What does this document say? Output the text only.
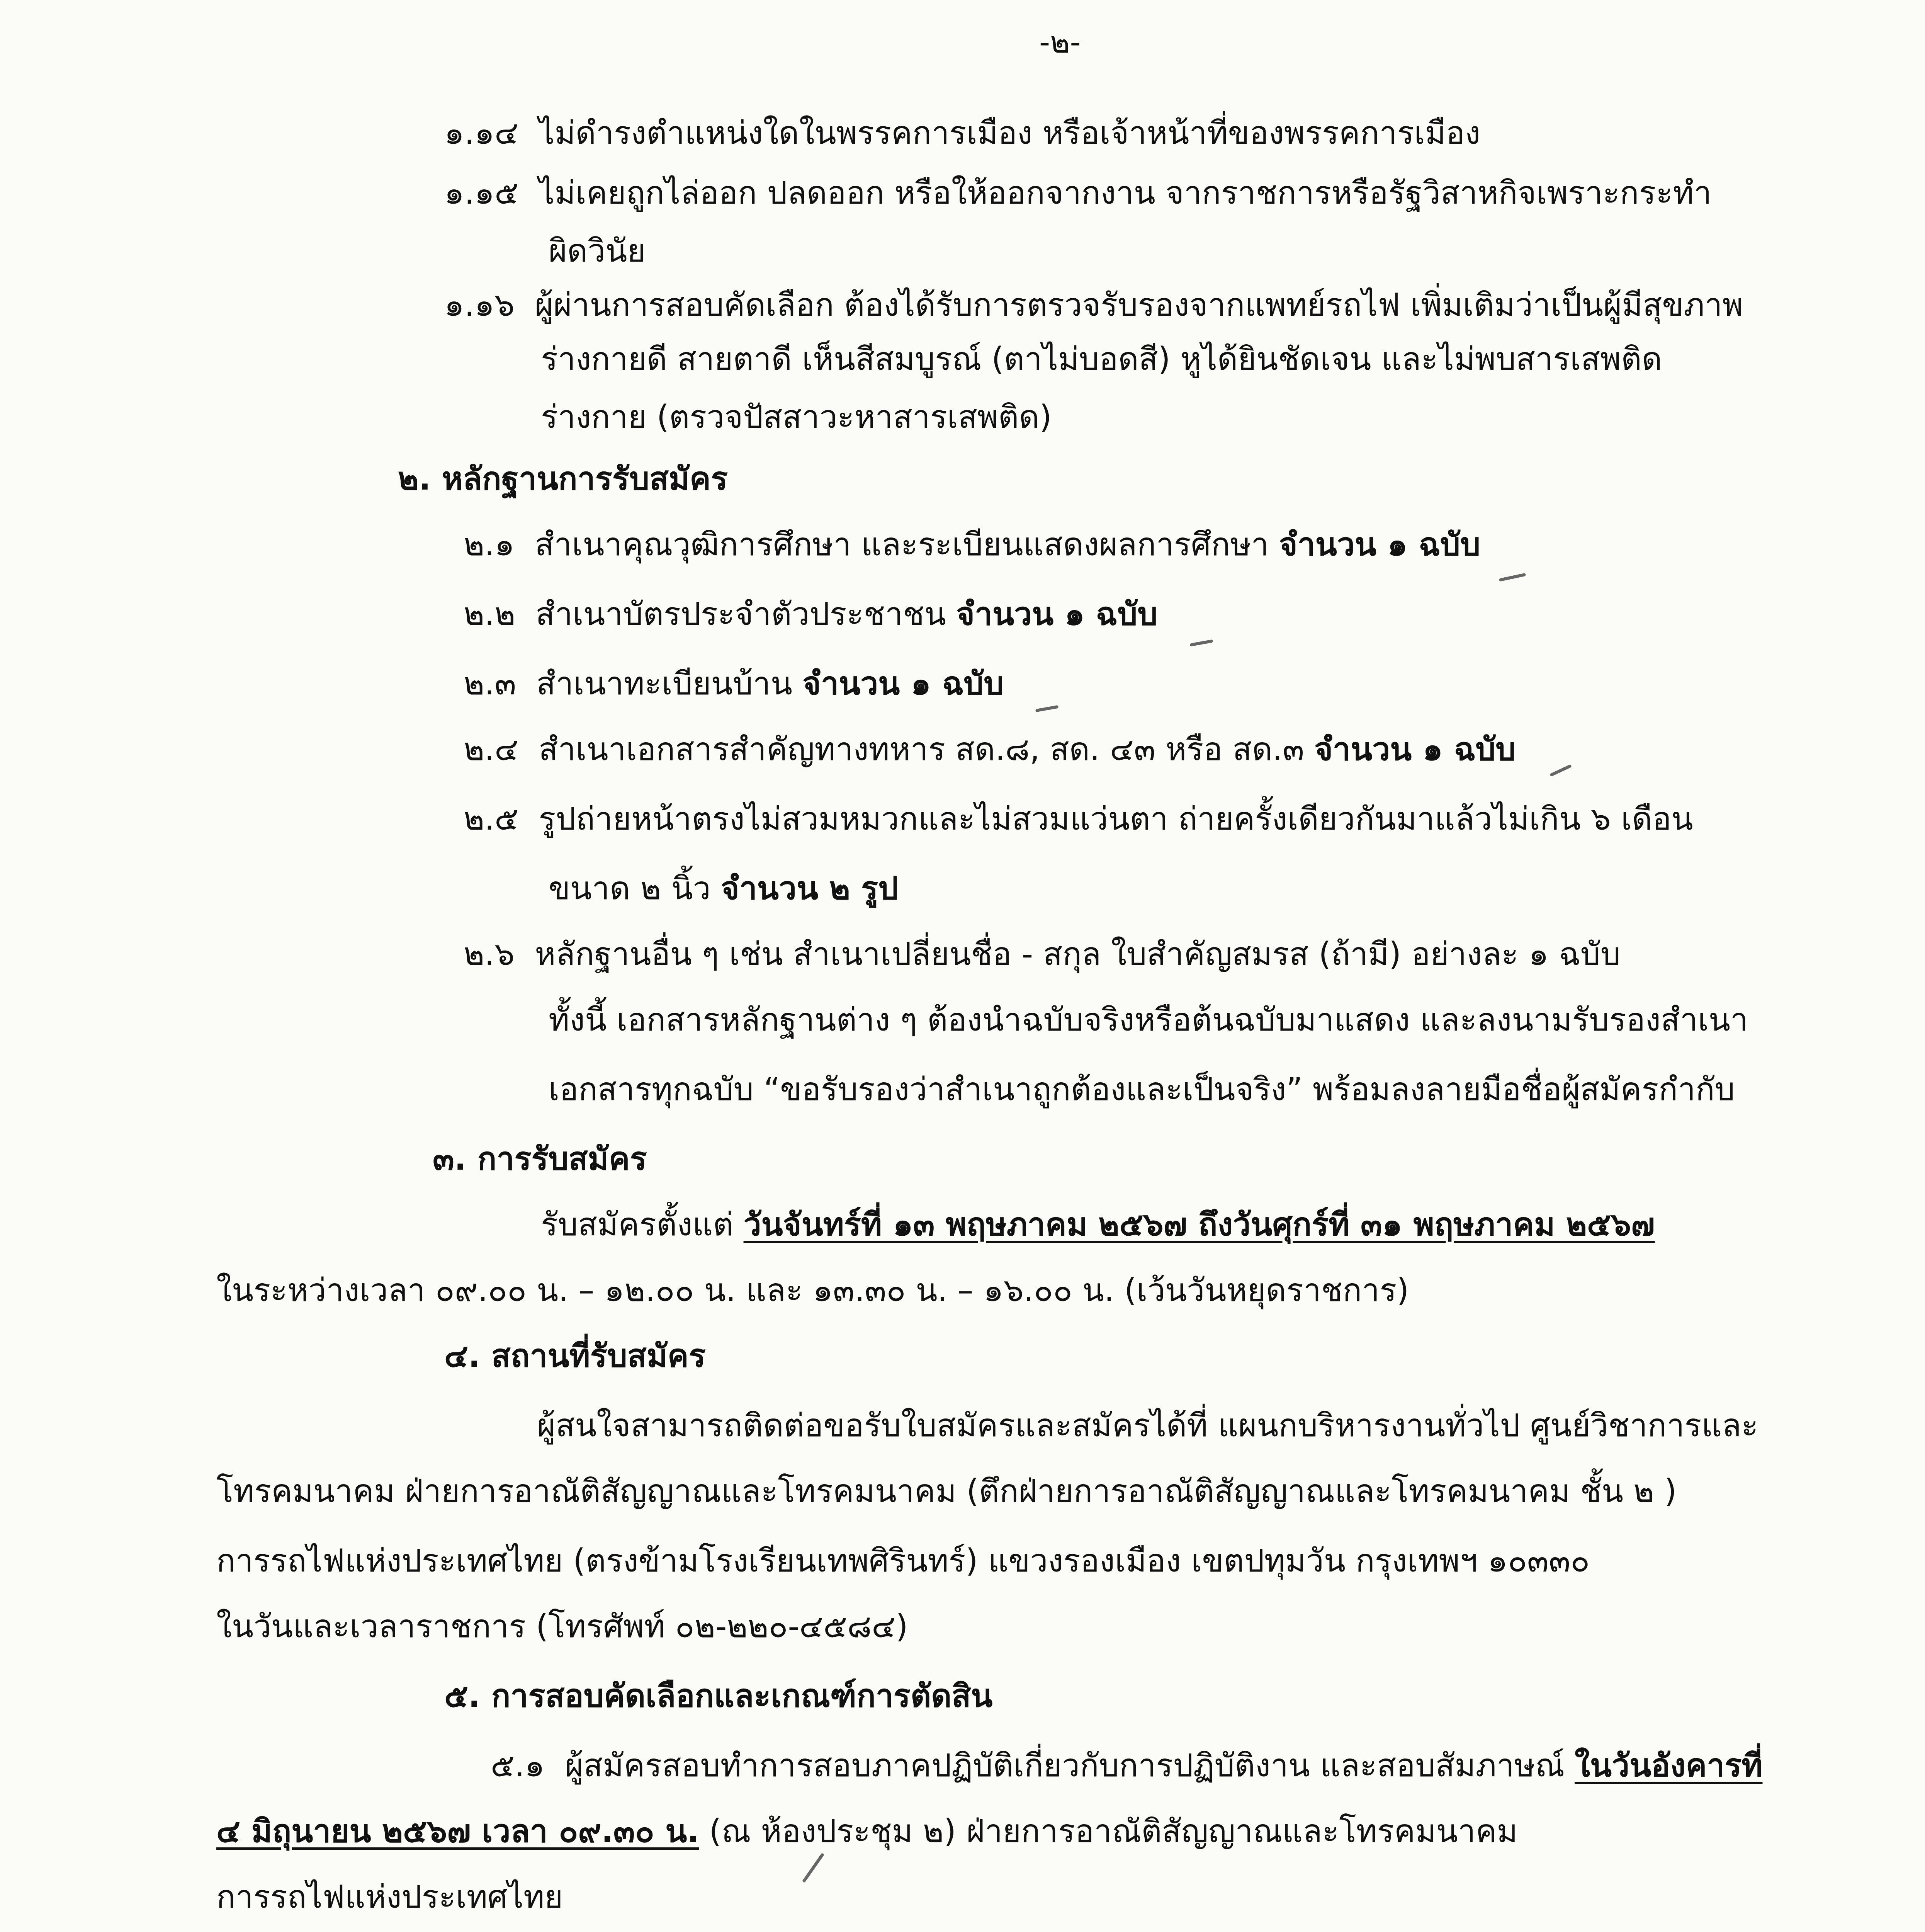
-๒-
๑.๑๔ ไม่ดำรงตำแหน่งใดในพรรคการเมือง หรือเจ้าหน้าที่ของพรรคการเมือง
๑.๑๕ ไม่เคยถูกไล่ออก ปลดออก หรือให้ออกจากงาน จากราชการหรือรัฐวิสาหกิจเพราะกระทำ
ผิดวินัย
๑.๑๖ ผู้ผ่านการสอบคัดเลือก ต้องได้รับการตรวจรับรองจากแพทย์รถไฟ เพิ่มเติมว่าเป็นผู้มีสุขภาพ
ร่างกายดี สายตาดี เห็นสีสมบูรณ์ (ตาไม่บอดสี) หูได้ยินชัดเจน และไม่พบสารเสพติด
ร่างกาย (ตรวจปัสสาวะหาสารเสพติด)
๒. หลักฐานการรับสมัคร
๒.๑ สำเนาคุณวุฒิการศึกษา และระเบียนแสดงผลการศึกษา จำนวน ๑ ฉบับ
๒.๒ สำเนาบัตรประจำตัวประชาชน จำนวน ๑ ฉบับ
๒.๓ สำเนาทะเบียนบ้าน จำนวน ๑ ฉบับ
๒.๔ สำเนาเอกสารสำคัญทางทหาร สด.๘, สด. ๔๓ หรือ สด.๓ จำนวน ๑ ฉบับ
๒.๕ รูปถ่ายหน้าตรงไม่สวมหมวกและไม่สวมแว่นตา ถ่ายครั้งเดียวกันมาแล้วไม่เกิน ๖ เดือน
ขนาด ๒ นิ้ว จำนวน ๒ รูป
๒.๖ หลักฐานอื่น ๆ เช่น สำเนาเปลี่ยนชื่อ - สกุล ใบสำคัญสมรส (ถ้ามี) อย่างละ ๑ ฉบับ
ทั้งนี้ เอกสารหลักฐานต่าง ๆ ต้องนำฉบับจริงหรือต้นฉบับมาแสดง และลงนามรับรองสำเนา
เอกสารทุกฉบับ “ขอรับรองว่าสำเนาถูกต้องและเป็นจริง” พร้อมลงลายมือชื่อผู้สมัครกำกับ
๓. การรับสมัคร
รับสมัครตั้งแต่ วันจันทร์ที่ ๑๓ พฤษภาคม ๒๕๖๗ ถึงวันศุกร์ที่ ๓๑ พฤษภาคม ๒๕๖๗
ในระหว่างเวลา ๐๙.๐๐ น. – ๑๒.๐๐ น. และ ๑๓.๓๐ น. – ๑๖.๐๐ น. (เว้นวันหยุดราชการ)
๔. สถานที่รับสมัคร
ผู้สนใจสามารถติดต่อขอรับใบสมัครและสมัครได้ที่ แผนกบริหารงานทั่วไป ศูนย์วิชาการและ
โทรคมนาคม ฝ่ายการอาณัติสัญญาณและโทรคมนาคม (ตึกฝ่ายการอาณัติสัญญาณและโทรคมนาคม ชั้น ๒ )
การรถไฟแห่งประเทศไทย (ตรงข้ามโรงเรียนเทพศิรินทร์) แขวงรองเมือง เขตปทุมวัน กรุงเทพฯ ๑๐๓๓๐
ในวันและเวลาราชการ (โทรศัพท์ ๐๒-๒๒๐-๔๕๘๔)
๕. การสอบคัดเลือกและเกณฑ์การตัดสิน
๕.๑ ผู้สมัครสอบทำการสอบภาคปฏิบัติเกี่ยวกับการปฏิบัติงาน และสอบสัมภาษณ์ ในวันอังคารที่
๔ มิถุนายน ๒๕๖๗ เวลา ๐๙.๓๐ น. (ณ ห้องประชุม ๒) ฝ่ายการอาณัติสัญญาณและโทรคมนาคม
การรถไฟแห่งประเทศไทย
